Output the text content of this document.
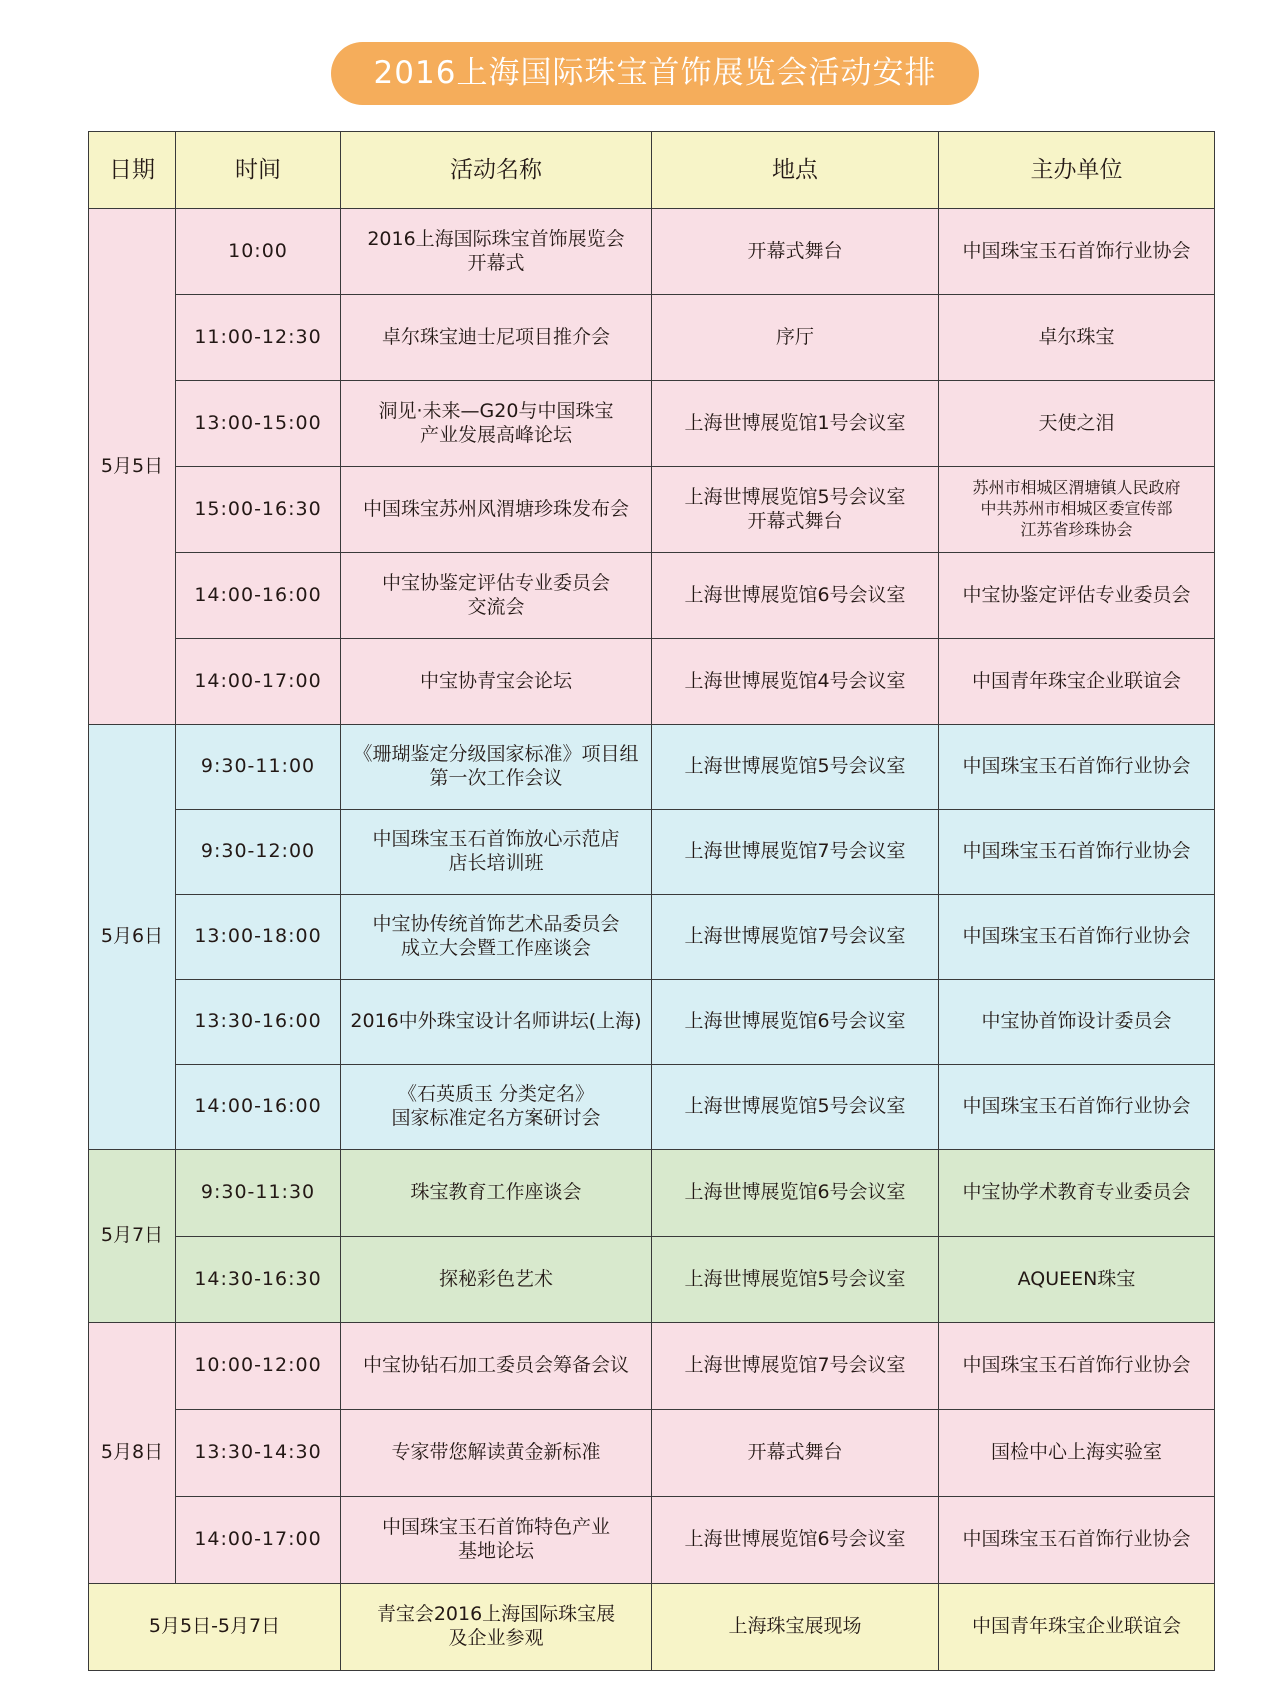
2016上海国际珠宝首饰展览会活动安排
日期	时间	活动名称	地点	主办单位
5月5日	10:00	2016上海国际珠宝首饰展览会
开幕式	开幕式舞台	中国珠宝玉石首饰行业协会

	11:00-12:30	卓尔珠宝迪士尼项目推介会	序厅	卓尔珠宝

	13:00-15:00	洞见·未来—G20与中国珠宝
产业发展高峰论坛	上海世博展览馆1号会议室	天使之泪

	15:00-16:30	中国珠宝苏州风渭塘珍珠发布会	上海世博展览馆5号会议室
开幕式舞台	苏州市相城区渭塘镇人民政府
中共苏州市相城区委宣传部
江苏省珍珠协会

	14:00-16:00	中宝协鉴定评估专业委员会
交流会	上海世博展览馆6号会议室	中宝协鉴定评估专业委员会

	14:00-17:00	中宝协青宝会论坛	上海世博展览馆4号会议室	中国青年珠宝企业联谊会

5月6日	9:30-11:00	《珊瑚鉴定分级国家标准》项目组
第一次工作会议	上海世博展览馆5号会议室	中国珠宝玉石首饰行业协会

	9:30-12:00	中国珠宝玉石首饰放心示范店
店长培训班	上海世博展览馆7号会议室	中国珠宝玉石首饰行业协会

	13:00-18:00	中宝协传统首饰艺术品委员会
成立大会暨工作座谈会	上海世博展览馆7号会议室	中国珠宝玉石首饰行业协会

	13:30-16:00	2016中外珠宝设计名师讲坛(上海)	上海世博展览馆6号会议室	中宝协首饰设计委员会

	14:00-16:00	《石英质玉 分类定名》
国家标准定名方案研讨会	上海世博展览馆5号会议室	中国珠宝玉石首饰行业协会

5月7日	9:30-11:30	珠宝教育工作座谈会	上海世博展览馆6号会议室	中宝协学术教育专业委员会

	14:30-16:30	探秘彩色艺术	上海世博展览馆5号会议室	AQUEEN珠宝

5月8日	10:00-12:00	中宝协钻石加工委员会筹备会议	上海世博展览馆7号会议室	中国珠宝玉石首饰行业协会

	13:30-14:30	专家带您解读黄金新标准	开幕式舞台	国检中心上海实验室

	14:00-17:00	中国珠宝玉石首饰特色产业
基地论坛	上海世博展览馆6号会议室	中国珠宝玉石首饰行业协会

5月5日-5月7日		青宝会2016上海国际珠宝展
及企业参观	上海珠宝展现场	中国青年珠宝企业联谊会
